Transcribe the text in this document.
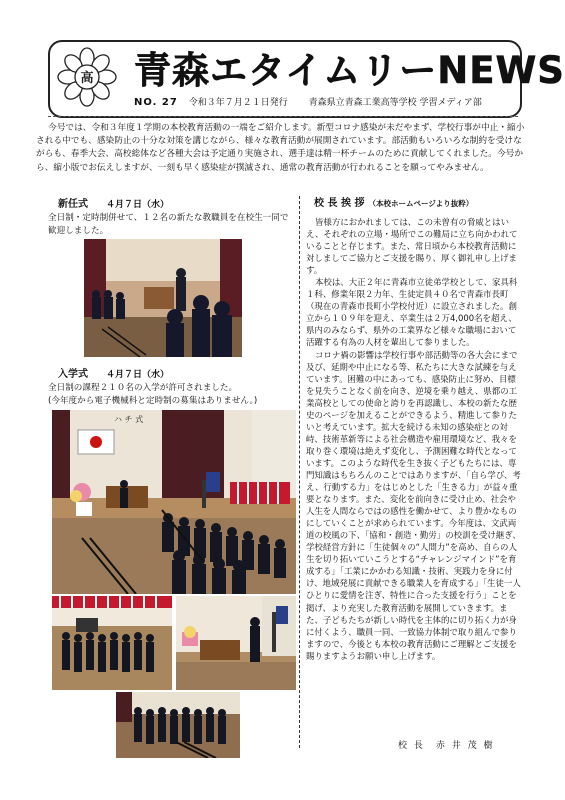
高 青森エタイムリーNEWS
NO. 27 令和３年７月２１日発行 青森県立青森工業高等学校 学習メディア部
今号では、令和３年度１学期の本校教育活動の一端をご紹介します。新型コロナ感染が未だやまず、学校行事が中止・縮小される中でも、感染防止の十分な対策を講じながら、様々な教育活動が展開されています。部活動もいろいろな制約を受けながらも、春季大会、高校総体など各種大会は予定通り実施され、選手達は精一杯チームのために貢献してくれました。今号から、縮小版でお伝えしますが、一刻も早く感染症が撲滅され、通常の教育活動が行われることを願ってやみません。
新任式 ４月７日（水）
全日制・定時制併せて、１２名の新たな教職員を在校生一同で歓迎しました。
入学式 ４月７日（水）
全日制の課程２１０名の入学が許可されました。
(今年度から電子機械科と定時制の募集はありません。)
ハ チ 式
校 長 挨 拶 （本校ホームページより抜粋）

皆様方におかれましては、この未曽有の脅威とはいえ、それぞれの立場・場所でこの難局に立ち向かわれていることと存じます。また、常日頃から本校教育活動に対しましてご協力とご支援を賜り、厚く御礼申し上げます。

本校は、大正２年に青森市立徒弟学校として、家具科１科、修業年限２力年、生徒定員４０名で青森市長町（現在の青森市長町小学校付近）に設立されました。創立から１０９年を迎え、卒業生は２万4,000名を超え、県内のみならず、県外の工業界など様々な職場において活躍する有為の人材を輩出して参りました。

コロナ禍の影響は学校行事や部活動等の各大会にまで及び、延期や中止になる等、私たちに大きな試練を与えています。困難の中にあっても、感染防止に努め、目標を見失うことなく前を向き、逆境を乗り越え、県都の工業高校としての使命と誇りを再認識し、本校の新たな歴史のページを加えることができるよう、精進して参りたいと考えています。拡大を続ける未知の感染症との対峙、技術革新等による社会構造や雇用環境など、我々を取り巻く環境は絶えず変化し、予測困難な時代となっています。このような時代を生き抜く子どもたちには、専門知識はもちろんのことではありますが、「自ら学び、考え、行動する力」をはじめとした「生きる力」が益々重要となります。また、変化を前向きに受け止め、社会や人生を人間ならではの感性を働かせて、より豊かなものにしていくことが求められています。今年度は、文武両道の校風の下、「協和・創造・勤労」の校訓を受け継ぎ、学校経営方針に「生徒個々の“人間力”を高め、自らの人生を切り拓いていこうとする“チャレンジマインド”を育成する」「工業にかかわる知識・技術、実践力を身に付け、地域発展に貢献できる職業人を育成する」「生徒一人ひとりに愛情を注ぎ、特性に合った支援を行う」ことを掲げ、より充実した教育活動を展開していきます。また、子どもたちが新しい時代を主体的に切り拓く力が身に付くよう、職員一同、一致協力体制で取り組んで参りますので、今後とも本校の教育活動にご理解とご支援を賜りますようお願い申し上げます。

校 長　赤 井 茂 樹
